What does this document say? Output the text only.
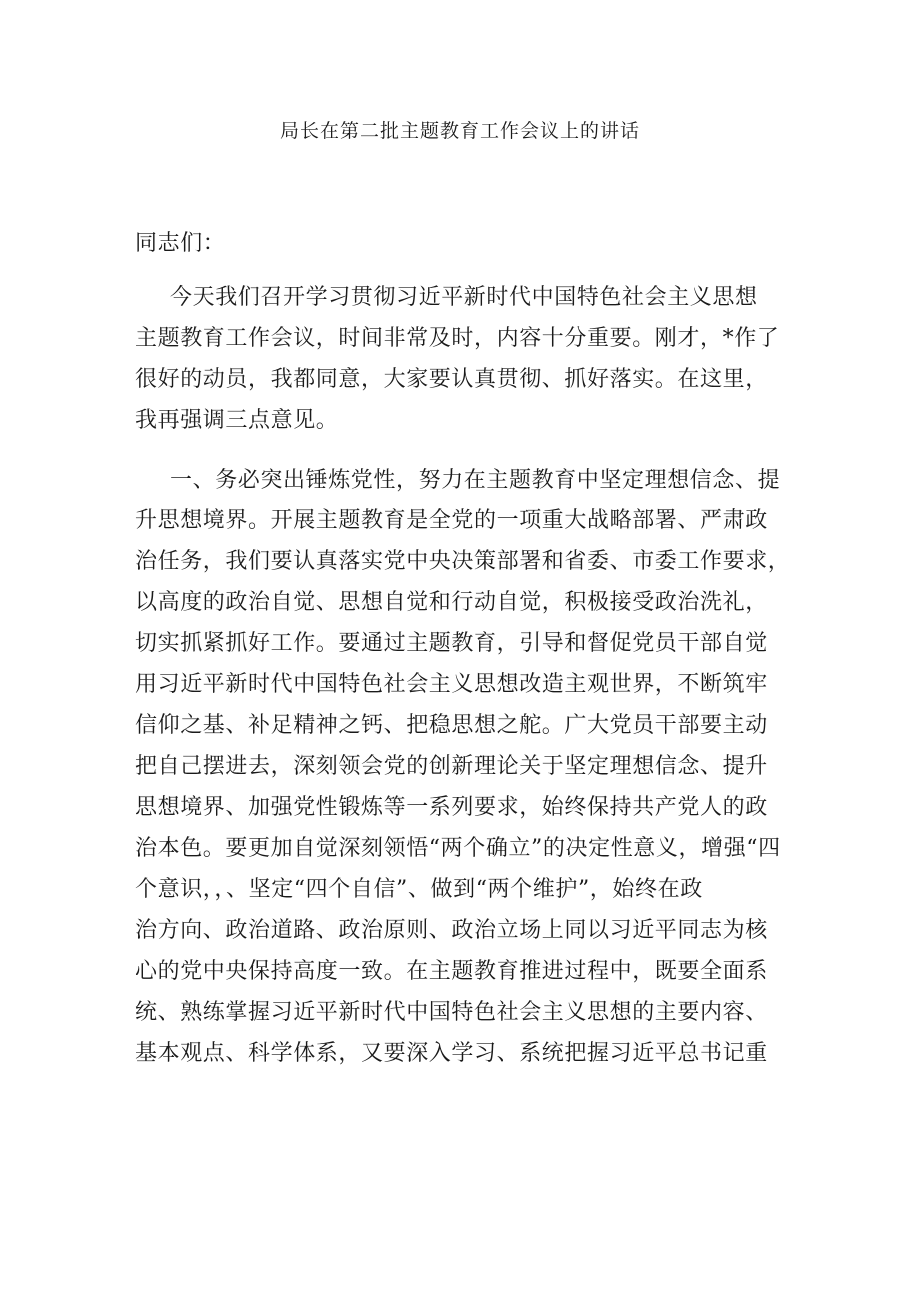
局长在第二批主题教育工作会议上的讲话
同志们：
今天我们召开学习贯彻习近平新时代中国特色社会主义思想
主题教育工作会议，时间非常及时，内容十分重要。刚才，*作了
很好的动员，我都同意，大家要认真贯彻、抓好落实。在这里，
我再强调三点意见。
一、务必突出锤炼党性，努力在主题教育中坚定理想信念、提
升思想境界。开展主题教育是全党的一项重大战略部署、严肃政
治任务，我们要认真落实党中央决策部署和省委、市委工作要求，
以高度的政治自觉、思想自觉和行动自觉，积极接受政治洗礼，
切实抓紧抓好工作。要通过主题教育，引导和督促党员干部自觉
用习近平新时代中国特色社会主义思想改造主观世界，不断筑牢
信仰之基、补足精神之钙、把稳思想之舵。广大党员干部要主动
把自己摆进去，深刻领会党的创新理论关于坚定理想信念、提升
思想境界、加强党性锻炼等一系列要求，始终保持共产党人的政
治本色。要更加自觉深刻领悟“两个确立”的决定性意义，增强“四
个意识，，、坚定“四个自信”、做到“两个维护”，始终在政
治方向、政治道路、政治原则、政治立场上同以习近平同志为核
心的党中央保持高度一致。在主题教育推进过程中，既要全面系
统、熟练掌握习近平新时代中国特色社会主义思想的主要内容、
基本观点、科学体系，又要深入学习、系统把握习近平总书记重
